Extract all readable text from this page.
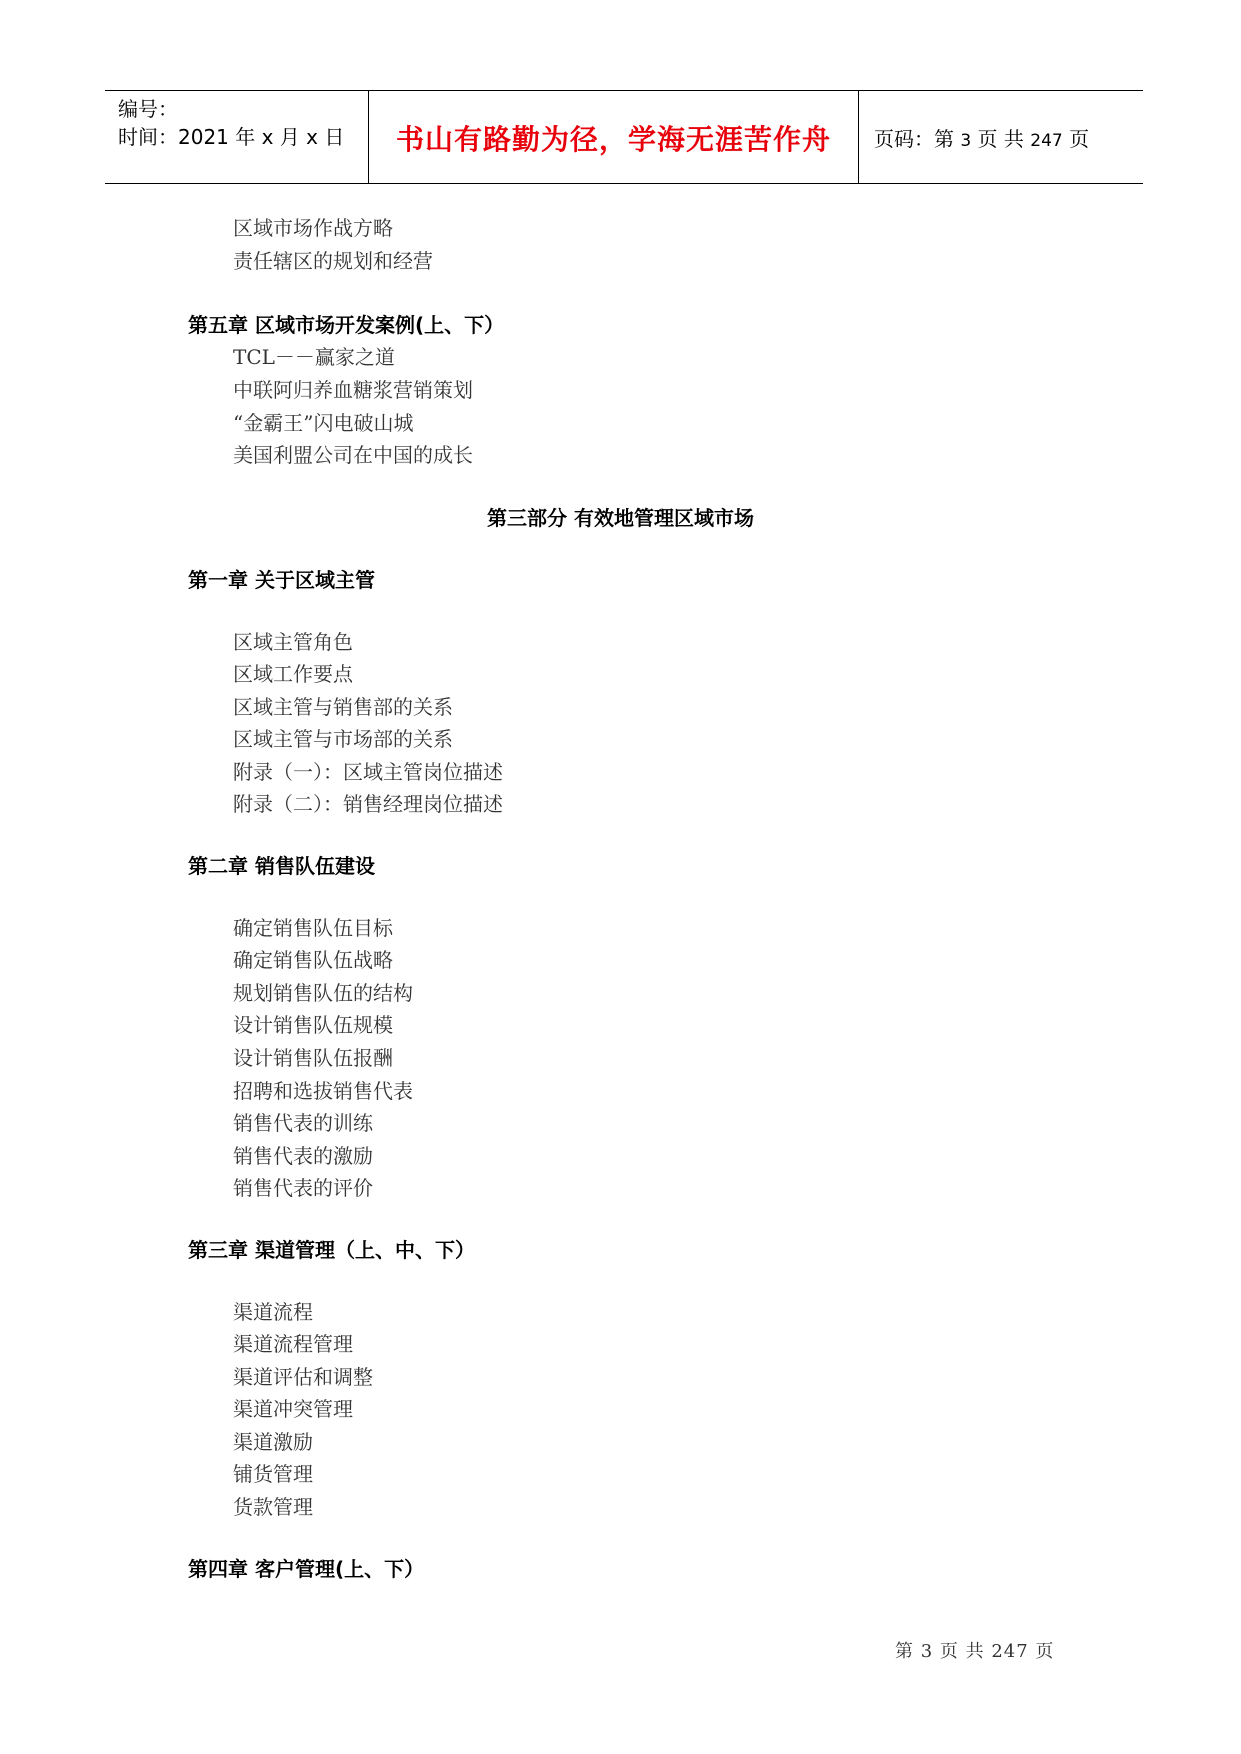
编号：
时间：2021 年 x 月 x 日	书山有路勤为径，学海无涯苦作舟	页码：第 3 页 共 247 页
区域市场作战方略
责任辖区的规划和经营
第五章 区域市场开发案例(上、下）
TCL－－赢家之道
中联阿归养血糖浆营销策划
“金霸王”闪电破山城
美国利盟公司在中国的成长
第三部分 有效地管理区域市场
第一章 关于区域主管
区域主管角色
区域工作要点
区域主管与销售部的关系
区域主管与市场部的关系
附录（一）：区域主管岗位描述
附录（二）：销售经理岗位描述
第二章 销售队伍建设
确定销售队伍目标
确定销售队伍战略
规划销售队伍的结构
设计销售队伍规模
设计销售队伍报酬
招聘和选拔销售代表
销售代表的训练
销售代表的激励
销售代表的评价
第三章 渠道管理（上、中、下）
渠道流程
渠道流程管理
渠道评估和调整
渠道冲突管理
渠道激励
铺货管理
货款管理
第四章 客户管理(上、下）
第 3 页 共 247 页
